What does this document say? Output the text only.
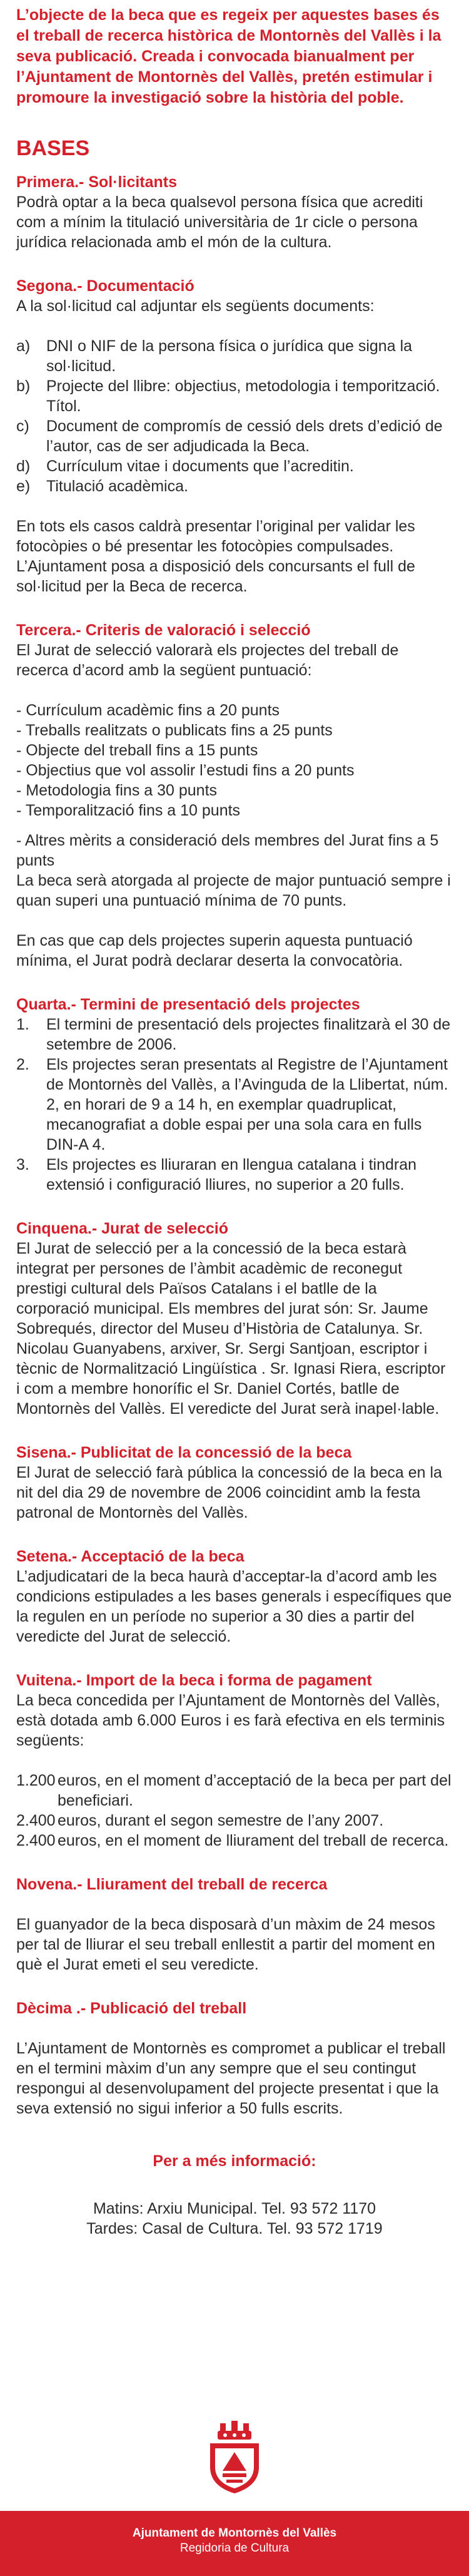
L’objecte de la beca que es regeix per aquestes bases és el treball de recerca històrica de Montornès del Vallès i la seva publicació. Creada i convocada bianualment per l’Ajuntament de Montornès del Vallès, pretén estimular i promoure la investigació sobre la història del poble.

BASES
Primera.- Sol·licitants

Podrà optar a la beca qualsevol persona física que acrediti com a mínim la titulació universitària de 1r cicle o persona jurídica relacionada amb el món de la cultura.

Segona.- Documentació

A la sol·licitud cal adjuntar els següents documents:

a)	DNI o NIF de la persona física o jurídica que signa la sol·licitud.
b)	Projecte del llibre: objectius, metodologia i temporització. Títol.
c)	Document de compromís de cessió dels drets d’edició de l’autor, cas de ser adjudicada la Beca.
d)	Currículum vitae i documents que l’acreditin.
e)	Titulació acadèmica.

En tots els casos caldrà presentar l’original per validar les fotocòpies o bé presentar les fotocòpies compulsades.

L’Ajuntament posa a disposició dels concursants el full de sol·licitud per la Beca de recerca.

Tercera.- Criteris de valoració i selecció

El Jurat de selecció valorarà els projectes del treball de recerca d’acord amb la següent puntuació:

- Currículum acadèmic fins a 20 punts
- Treballs realitzats o publicats fins a 25 punts
- Objecte del treball fins a 15 punts
- Objectius que vol assolir l’estudi fins a 20 punts
- Metodologia fins a 30 punts
- Temporalització fins a 10 punts
- Altres mèrits a consideració dels membres del Jurat fins a 5 punts

La beca serà atorgada al projecte de major puntuació sempre i quan superi una puntuació mínima de 70 punts.

En cas que cap dels projectes superin aquesta puntuació mínima, el Jurat podrà declarar deserta la convocatòria.

Quarta.- Termini de presentació dels projectes
1.	El termini de presentació dels projectes finalitzarà el 30 de setembre de 2006.
2.	Els projectes seran presentats al Registre de l’Ajuntament de Montornès del Vallès, a l’Avinguda de la Llibertat, núm. 2, en horari de 9 a 14 h, en exemplar quadruplicat, mecanografiat a doble espai per una sola cara en fulls DIN-A 4.
3.	Els projectes es lliuraran en llengua catalana i tindran extensió i configuració lliures, no superior a 20 fulls.
Cinquena.- Jurat de selecció

El Jurat de selecció per a la concessió de la beca estarà integrat per persones de l’àmbit acadèmic de reconegut prestigi cultural dels Països Catalans i el batlle de la corporació municipal. Els membres del jurat són: Sr. Jaume Sobrequés, director del Museu d’Història de Catalunya. Sr. Nicolau Guanyabens, arxiver, Sr. Sergi Santjoan, escriptor i tècnic de Normalització Lingüística . Sr. Ignasi Riera, escriptor i com a membre honorífic el Sr. Daniel Cortés, batlle de Montornès del Vallès. El veredicte del Jurat serà inapel·lable.

Sisena.- Publicitat de la concessió de la beca

El Jurat de selecció farà pública la concessió de la beca en la nit del dia 29 de novembre de 2006 coincidint amb la festa patronal de Montornès del Vallès.

Setena.- Acceptació de la beca

L’adjudicatari de la beca haurà d’acceptar-la d’acord amb les condicions estipulades a les bases generals i específiques que la regulen en un període no superior a 30 dies a partir del veredicte del Jurat de selecció.

Vuitena.- Import de la beca i forma de pagament

La beca concedida per l’Ajuntament de Montornès del Vallès, està dotada amb 6.000 Euros i es farà efectiva en els terminis següents:

1.200 euros, en el moment d’acceptació de la beca per part del beneficiari.
2.400 euros, durant el segon semestre de l’any 2007.
2.400 euros, en el moment de lliurament del treball de recerca.
Novena.- Lliurament del treball de recerca

El guanyador de la beca disposarà d’un màxim de 24 mesos per tal de lliurar el seu treball enllestit a partir del moment en què el Jurat emeti el seu veredicte.

Dècima .- Publicació del treball

L’Ajuntament de Montornès es compromet a publicar el treball en el termini màxim d’un any sempre que el seu contingut respongui al desenvolupament del projecte presentat i que la seva extensió no sigui inferior a 50 fulls escrits.

Per a més informació:
Matins: Arxiu Municipal. Tel. 93 572 1170
Tardes: Casal de Cultura. Tel. 93 572 1719
Ajuntament de Montornès del Vallès
Regidoria de Cultura
